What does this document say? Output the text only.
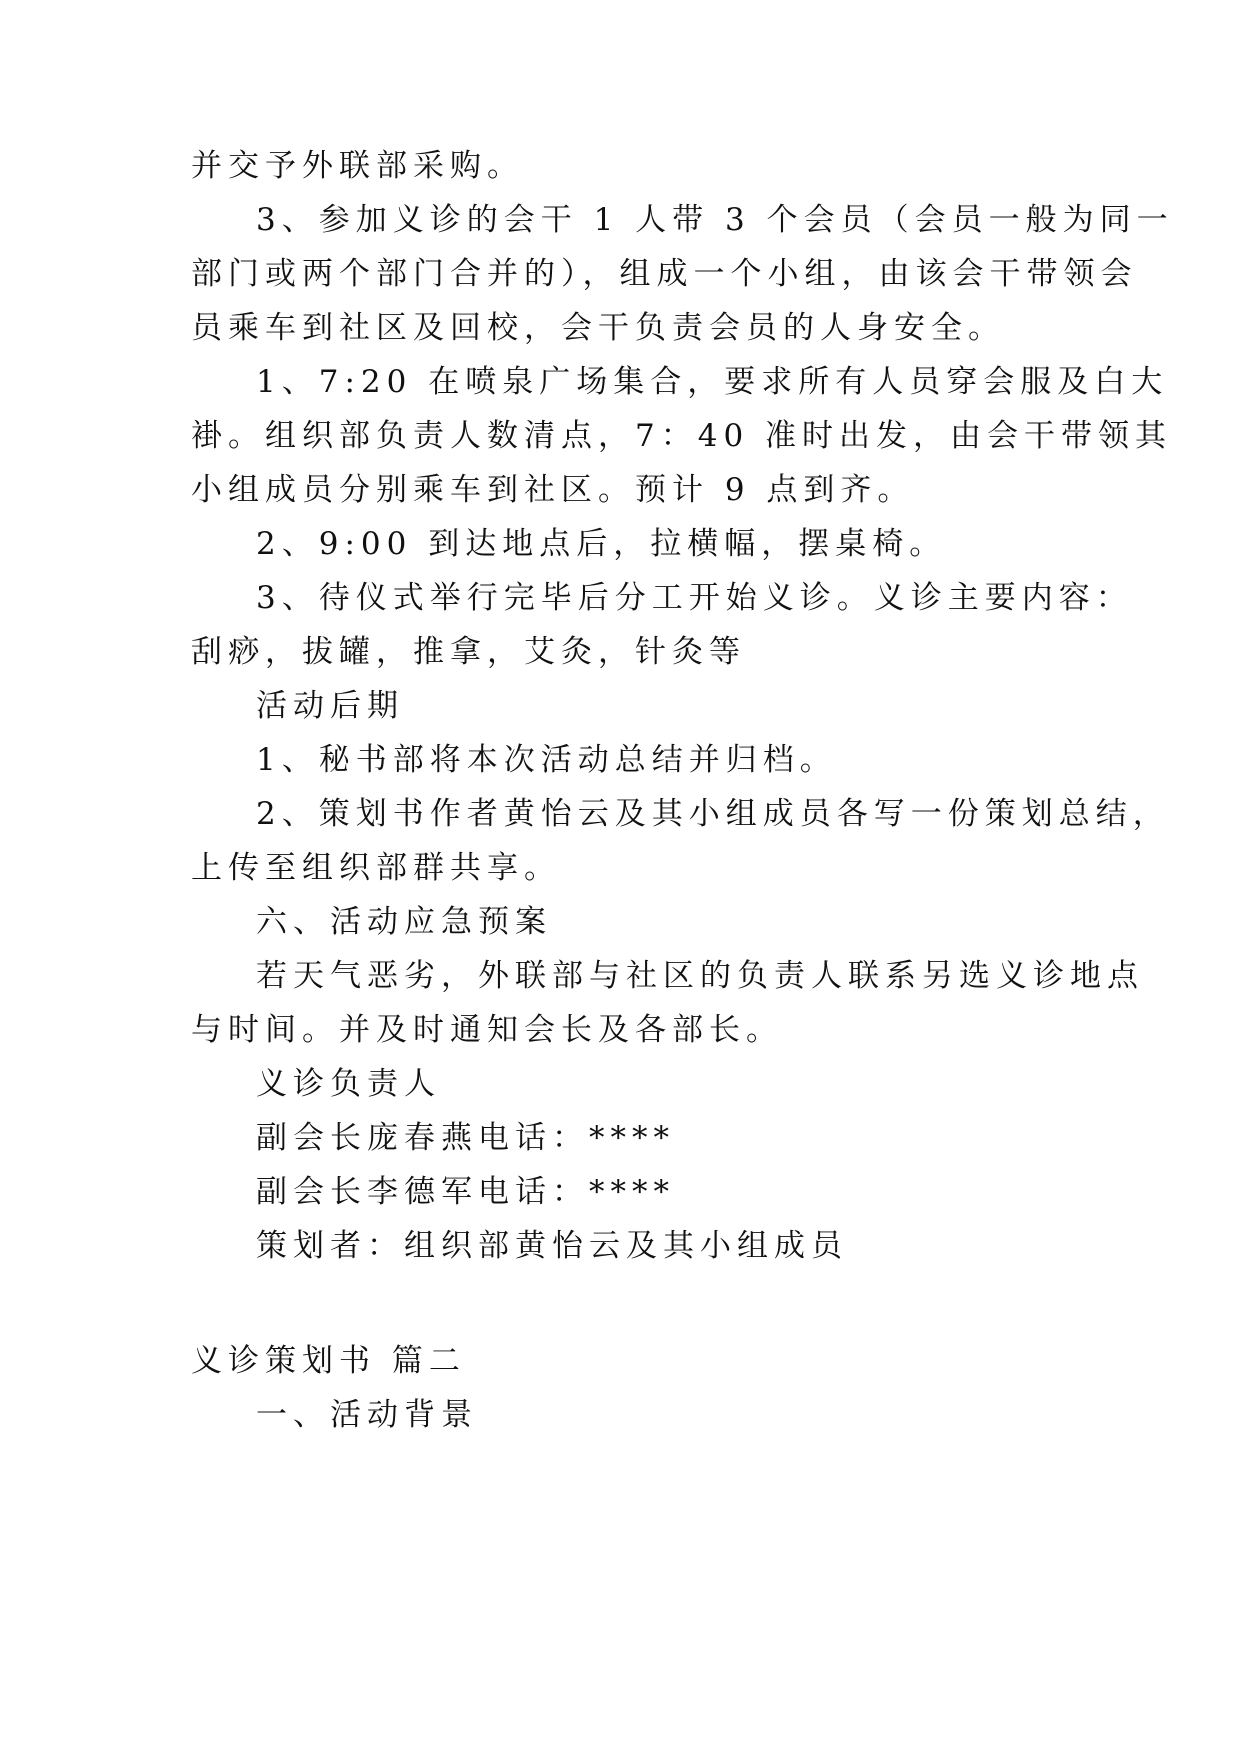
并交予外联部采购。
3、参加义诊的会干 1 人带 3 个会员（会员一般为同一
部门或两个部门合并的），组成一个小组，由该会干带领会
员乘车到社区及回校，会干负责会员的人身安全。
1、7:20 在喷泉广场集合，要求所有人员穿会服及白大
褂。组织部负责人数清点，7：40 准时出发，由会干带领其
小组成员分别乘车到社区。预计 9 点到齐。
2、9:00 到达地点后，拉横幅，摆桌椅。
3、待仪式举行完毕后分工开始义诊。义诊主要内容：
刮痧，拔罐，推拿，艾灸，针灸等
活动后期
1、秘书部将本次活动总结并归档。
2、策划书作者黄怡云及其小组成员各写一份策划总结，
上传至组织部群共享。
六、活动应急预案
若天气恶劣，外联部与社区的负责人联系另选义诊地点
与时间。并及时通知会长及各部长。
义诊负责人
副会长庞春燕电话：****
副会长李德军电话：****
策划者：组织部黄怡云及其小组成员
义诊策划书 篇二
一、活动背景
